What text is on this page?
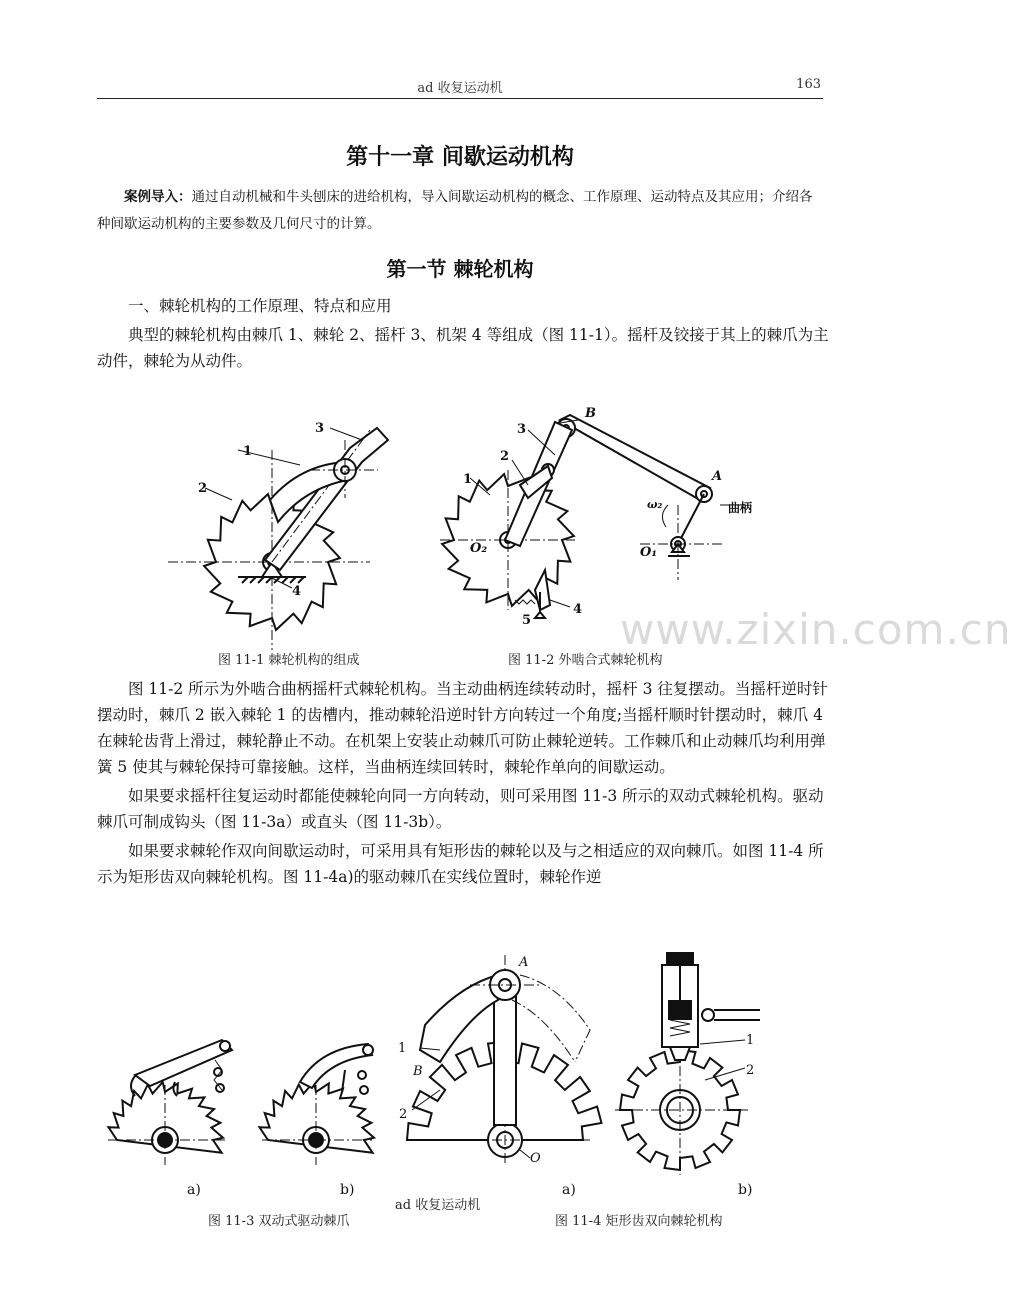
ad 收复运动机	163
第十一章 间歇运动机构
案例导入：通过自动机械和牛头刨床的进给机构，导入间歇运动机构的概念、工作原理、运动特点及其应用；介绍各种间歇运动机构的主要参数及几何尺寸的计算。
第一节 棘轮机构

一、棘轮机构的工作原理、特点和应用

典型的棘轮机构由棘爪 1、棘轮 2、摇杆 3、机架 4 等组成（图 11-1）。摇杆及铰接于其上的棘爪为主动件，棘轮为从动件。

1
3
2
4
图 11-1 棘轮机构的组成
B
3
2
1	A
ω₂	曲柄
O₂	O₁
4
5
图 11-2 外啮合式棘轮机构
www.zixin.com.cn

图 11-2 所示为外啮合曲柄摇杆式棘轮机构。当主动曲柄连续转动时，摇杆 3 往复摆动。当摇杆逆时针摆动时，棘爪 2 嵌入棘轮 1 的齿槽内，推动棘轮沿逆时针方向转过一个角度;当摇杆顺时针摆动时，棘爪 4 在棘轮齿背上滑过，棘轮静止不动。在机架上安装止动棘爪可防止棘轮逆转。工作棘爪和止动棘爪均利用弹簧 5 使其与棘轮保持可靠接触。这样，当曲柄连续回转时，棘轮作单向的间歇运动。

如果要求摇杆往复运动时都能使棘轮向同一方向转动，则可采用图 11-3 所示的双动式棘轮机构。驱动棘爪可制成钩头（图 11-3a）或直头（图 11-3b）。

如果要求棘轮作双向间歇运动时，可采用具有矩形齿的棘轮以及与之相适应的双向棘爪。如图 11-4 所示为矩形齿双向棘轮机构。图 11-4a)的驱动棘爪在实线位置时，棘轮作逆

a)	b)
图 11-3 双动式驱动棘爪
ad 收复运动机
A
1
B
2
O
1
2
a)	b)
图 11-4 矩形齿双向棘轮机构
